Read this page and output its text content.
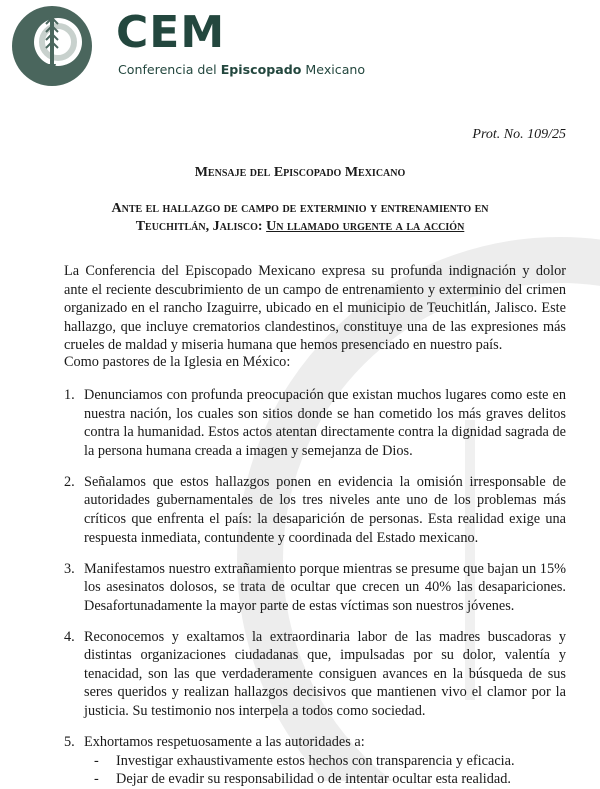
CEM
Conferencia del Episcopado Mexicano
Prot. No. 109/25
Mensaje del Episcopado Mexicano
Ante el hallazgo de campo de exterminio y entrenamiento en
Teuchitlán, Jalisco: Un llamado urgente a la acción

La Conferencia del Episcopado Mexicano expresa su profunda indignación y dolor ante el reciente descubrimiento de un campo de entrenamiento y exterminio del crimen organizado en el rancho Izaguirre, ubicado en el municipio de Teuchitlán, Jalisco. Este hallazgo, que incluye crematorios clandestinos, constituye una de las expresiones más crueles de maldad y miseria humana que hemos presenciado en nuestro país.

Como pastores de la Iglesia en México:
1. Denunciamos con profunda preocupación que existan muchos lugares como este en nuestra nación, los cuales son sitios donde se han cometido los más graves delitos contra la humanidad. Estos actos atentan directamente contra la dignidad sagrada de la persona humana creada a imagen y semejanza de Dios.
2. Señalamos que estos hallazgos ponen en evidencia la omisión irresponsable de autoridades gubernamentales de los tres niveles ante uno de los problemas más críticos que enfrenta el país: la desaparición de personas. Esta realidad exige una respuesta inmediata, contundente y coordinada del Estado mexicano.
3. Manifestamos nuestro extrañamiento porque mientras se presume que bajan un 15% los asesinatos dolosos, se trata de ocultar que crecen un 40% las desapariciones. Desafortunadamente la mayor parte de estas víctimas son nuestros jóvenes.
4. Reconocemos y exaltamos la extraordinaria labor de las madres buscadoras y distintas organizaciones ciudadanas que, impulsadas por su dolor, valentía y tenacidad, son las que verdaderamente consiguen avances en la búsqueda de sus seres queridos y realizan hallazgos decisivos que mantienen vivo el clamor por la justicia. Su testimonio nos interpela a todos como sociedad.
5. Exhortamos respetuosamente a las autoridades a:
- Investigar exhaustivamente estos hechos con transparencia y eficacia.
- Dejar de evadir su responsabilidad o de intentar ocultar esta realidad.
